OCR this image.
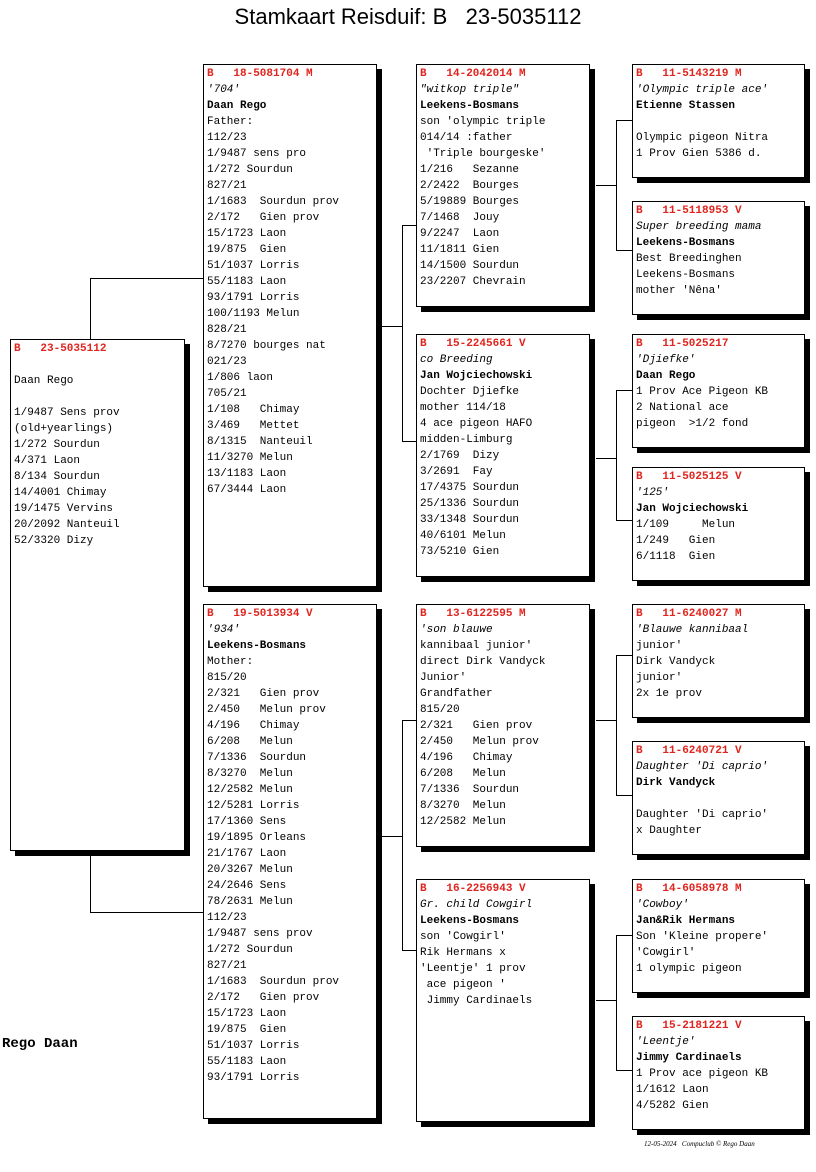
Stamkaart Reisduif: B   23-5035112
B   23-5035112
Daan Rego
1/9487 Sens prov
(old+yearlings)
1/272 Sourdun
4/371 Laon
8/134 Sourdun
14/4001 Chimay
19/1475 Vervins
20/2092 Nanteuil
52/3320 Dizy
B   18-5081704 M
'704'
Daan Rego
Father:
112/23
1/9487 sens pro
1/272 Sourdun
827/21
1/1683  Sourdun prov
2/172   Gien prov
15/1723 Laon
19/875  Gien
51/1037 Lorris
55/1183 Laon
93/1791 Lorris
100/1193 Melun
828/21
8/7270 bourges nat
021/23
1/806 laon
705/21
1/108   Chimay
3/469   Mettet
8/1315  Nanteuil
11/3270 Melun
13/1183 Laon
67/3444 Laon
B   19-5013934 V
'934'
Leekens-Bosmans
Mother:
815/20
2/321   Gien prov
2/450   Melun prov
4/196   Chimay
6/208   Melun
7/1336  Sourdun
8/3270  Melun
12/2582 Melun
12/5281 Lorris
17/1360 Sens
19/1895 Orleans
21/1767 Laon
20/3267 Melun
24/2646 Sens
78/2631 Melun
112/23
1/9487 sens prov
1/272 Sourdun
827/21
1/1683  Sourdun prov
2/172   Gien prov
15/1723 Laon
19/875  Gien
51/1037 Lorris
55/1183 Laon
93/1791 Lorris
B   14-2042014 M
"witkop triple"
Leekens-Bosmans
son 'olympic triple
014/14 :father
'Triple bourgeske'
1/216   Sezanne
2/2422  Bourges
5/19889 Bourges
7/1468  Jouy
9/2247  Laon
11/1811 Gien
14/1500 Sourdun
23/2207 Chevrain
B   15-2245661 V
co Breeding
Jan Wojciechowski
Dochter Djiefke
mother 114/18
4 ace pigeon HAFO
midden-Limburg
2/1769  Dizy
3/2691  Fay
17/4375 Sourdun
25/1336 Sourdun
33/1348 Sourdun
40/6101 Melun
73/5210 Gien
B   13-6122595 M
'son blauwe
kannibaal junior'
direct Dirk Vandyck
Junior'
Grandfather
815/20
2/321   Gien prov
2/450   Melun prov
4/196   Chimay
6/208   Melun
7/1336  Sourdun
8/3270  Melun
12/2582 Melun
B   16-2256943 V
Gr. child Cowgirl
Leekens-Bosmans
son 'Cowgirl'
Rik Hermans x
'Leentje' 1 prov
ace pigeon '
Jimmy Cardinaels
B   11-5143219 M
'Olympic triple ace'
Etienne Stassen
Olympic pigeon Nitra
1 Prov Gien 5386 d.
B   11-5118953 V
Super breeding mama
Leekens-Bosmans
Best Breedinghen
Leekens-Bosmans
mother 'Nêna'
B   11-5025217
'Djiefke'
Daan Rego
1 Prov Ace Pigeon KB
2 National ace
pigeon  >1/2 fond
B   11-5025125 V
'125'
Jan Wojciechowski
1/109     Melun
1/249   Gien
6/1118  Gien
B   11-6240027 M
'Blauwe kannibaal
junior'
Dirk Vandyck
junior'
2x 1e prov
B   11-6240721 V
Daughter 'Di caprio'
Dirk Vandyck
Daughter 'Di caprio'
x Daughter
B   14-6058978 M
'Cowboy'
Jan&Rik Hermans
Son 'Kleine propere'
'Cowgirl'
1 olympic pigeon
B   15-2181221 V
'Leentje'
Jimmy Cardinaels
1 Prov ace pigeon KB
1/1612 Laon
4/5282 Gien
Rego Daan
12-05-2024   Compuclub © Rego Daan
